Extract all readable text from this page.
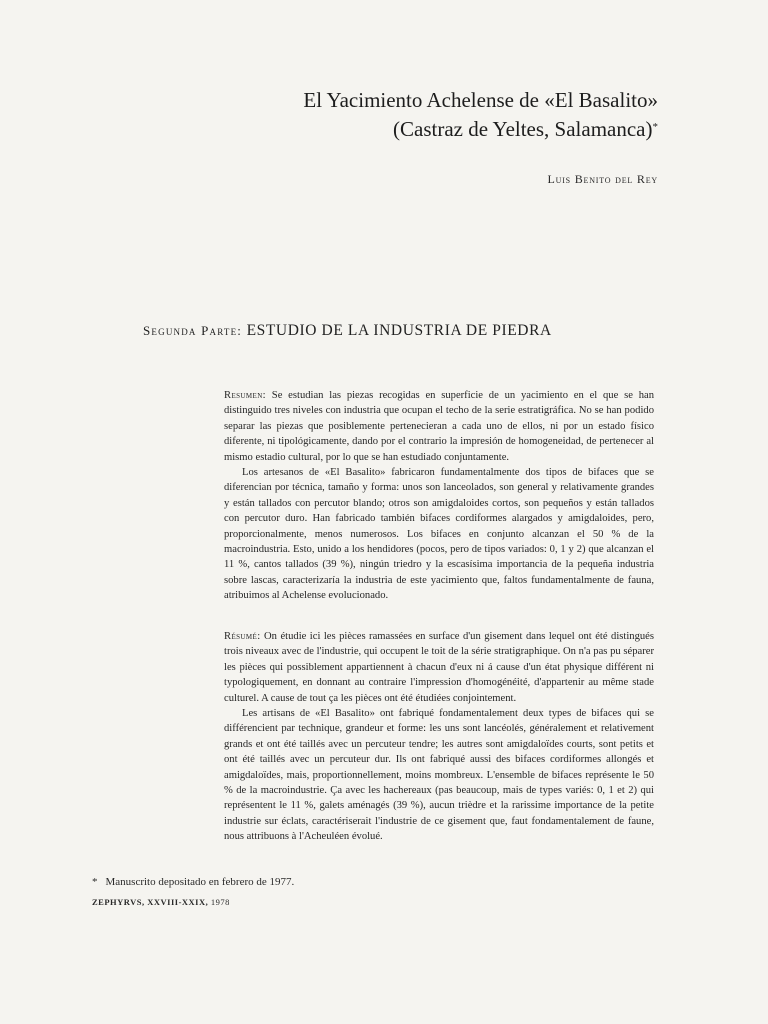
El Yacimiento Achelense de «El Basalito»
(Castraz de Yeltes, Salamanca)*
Luis Benito del Rey
Segunda Parte: ESTUDIO DE LA INDUSTRIA DE PIEDRA

Resumen: Se estudian las piezas recogidas en superficie de un yacimiento en el que se han distinguido tres niveles con industria que ocupan el techo de la serie estratigráfica. No se han podido separar las piezas que posiblemente pertenecieran a cada uno de ellos, ni por un estado físico diferente, ni tipológicamente, dando por el contrario la impresión de homogeneidad, de pertenecer al mismo estadio cultural, por lo que se han estudiado conjuntamente.

Los artesanos de «El Basalito» fabricaron fundamentalmente dos tipos de bifaces que se diferencian por técnica, tamaño y forma: unos son lanceolados, son general y relativamente grandes y están tallados con percutor blando; otros son amigdaloides cortos, son pequeños y están tallados con percutor duro. Han fabricado también bifaces cordiformes alargados y amigdaloides, pero, proporcionalmente, menos numerosos. Los bifaces en conjunto alcanzan el 50 % de la macroindustria. Esto, unido a los hendidores (pocos, pero de tipos variados: 0, 1 y 2) que alcanzan el 11 %, cantos tallados (39 %), ningún triedro y la escasísima importancia de la pequeña industria sobre lascas, caracterizaría la industria de este yacimiento que, faltos fundamentalmente de fauna, atribuimos al Achelense evolucionado.

Résumé: On étudie ici les pièces ramassées en surface d'un gisement dans lequel ont été distingués trois niveaux avec de l'industrie, qui occupent le toit de la série stratigraphique. On n'a pas pu séparer les pièces qui possiblement appartiennent à chacun d'eux ni á cause d'un état physique différent ni typologiquement, en donnant au contraire l'impression d'homogénéité, d'appartenir au même stade culturel. A cause de tout ça les pièces ont été étudiées conjointement.

Les artisans de «El Basalito» ont fabriqué fondamentalement deux types de bifaces qui se différencient par technique, grandeur et forme: les uns sont lancéolés, généralement et relativement grands et ont été taillés avec un percuteur tendre; les autres sont amigdaloïdes courts, sont petits et ont été taillés avec un percuteur dur. Ils ont fabriqué aussi des bifaces cordiformes allongés et amigdaloïdes, mais, proportionnellement, moins mombreux. L'ensemble de bifaces représente le 50 % de la macroindustrie. Ça avec les hachereaux (pas beaucoup, mais de types variés: 0, 1 et 2) qui représentent le 11 %, galets aménagés (39 %), aucun trièdre et la rarissime importance de la petite industrie sur éclats, caractériserait l'industrie de ce gisement que, faut fondamentalement de faune, nous attribuons à l'Acheuléen évolué.

* Manuscrito depositado en febrero de 1977.
ZEPHYRVS, XXVIII-XXIX, 1978
